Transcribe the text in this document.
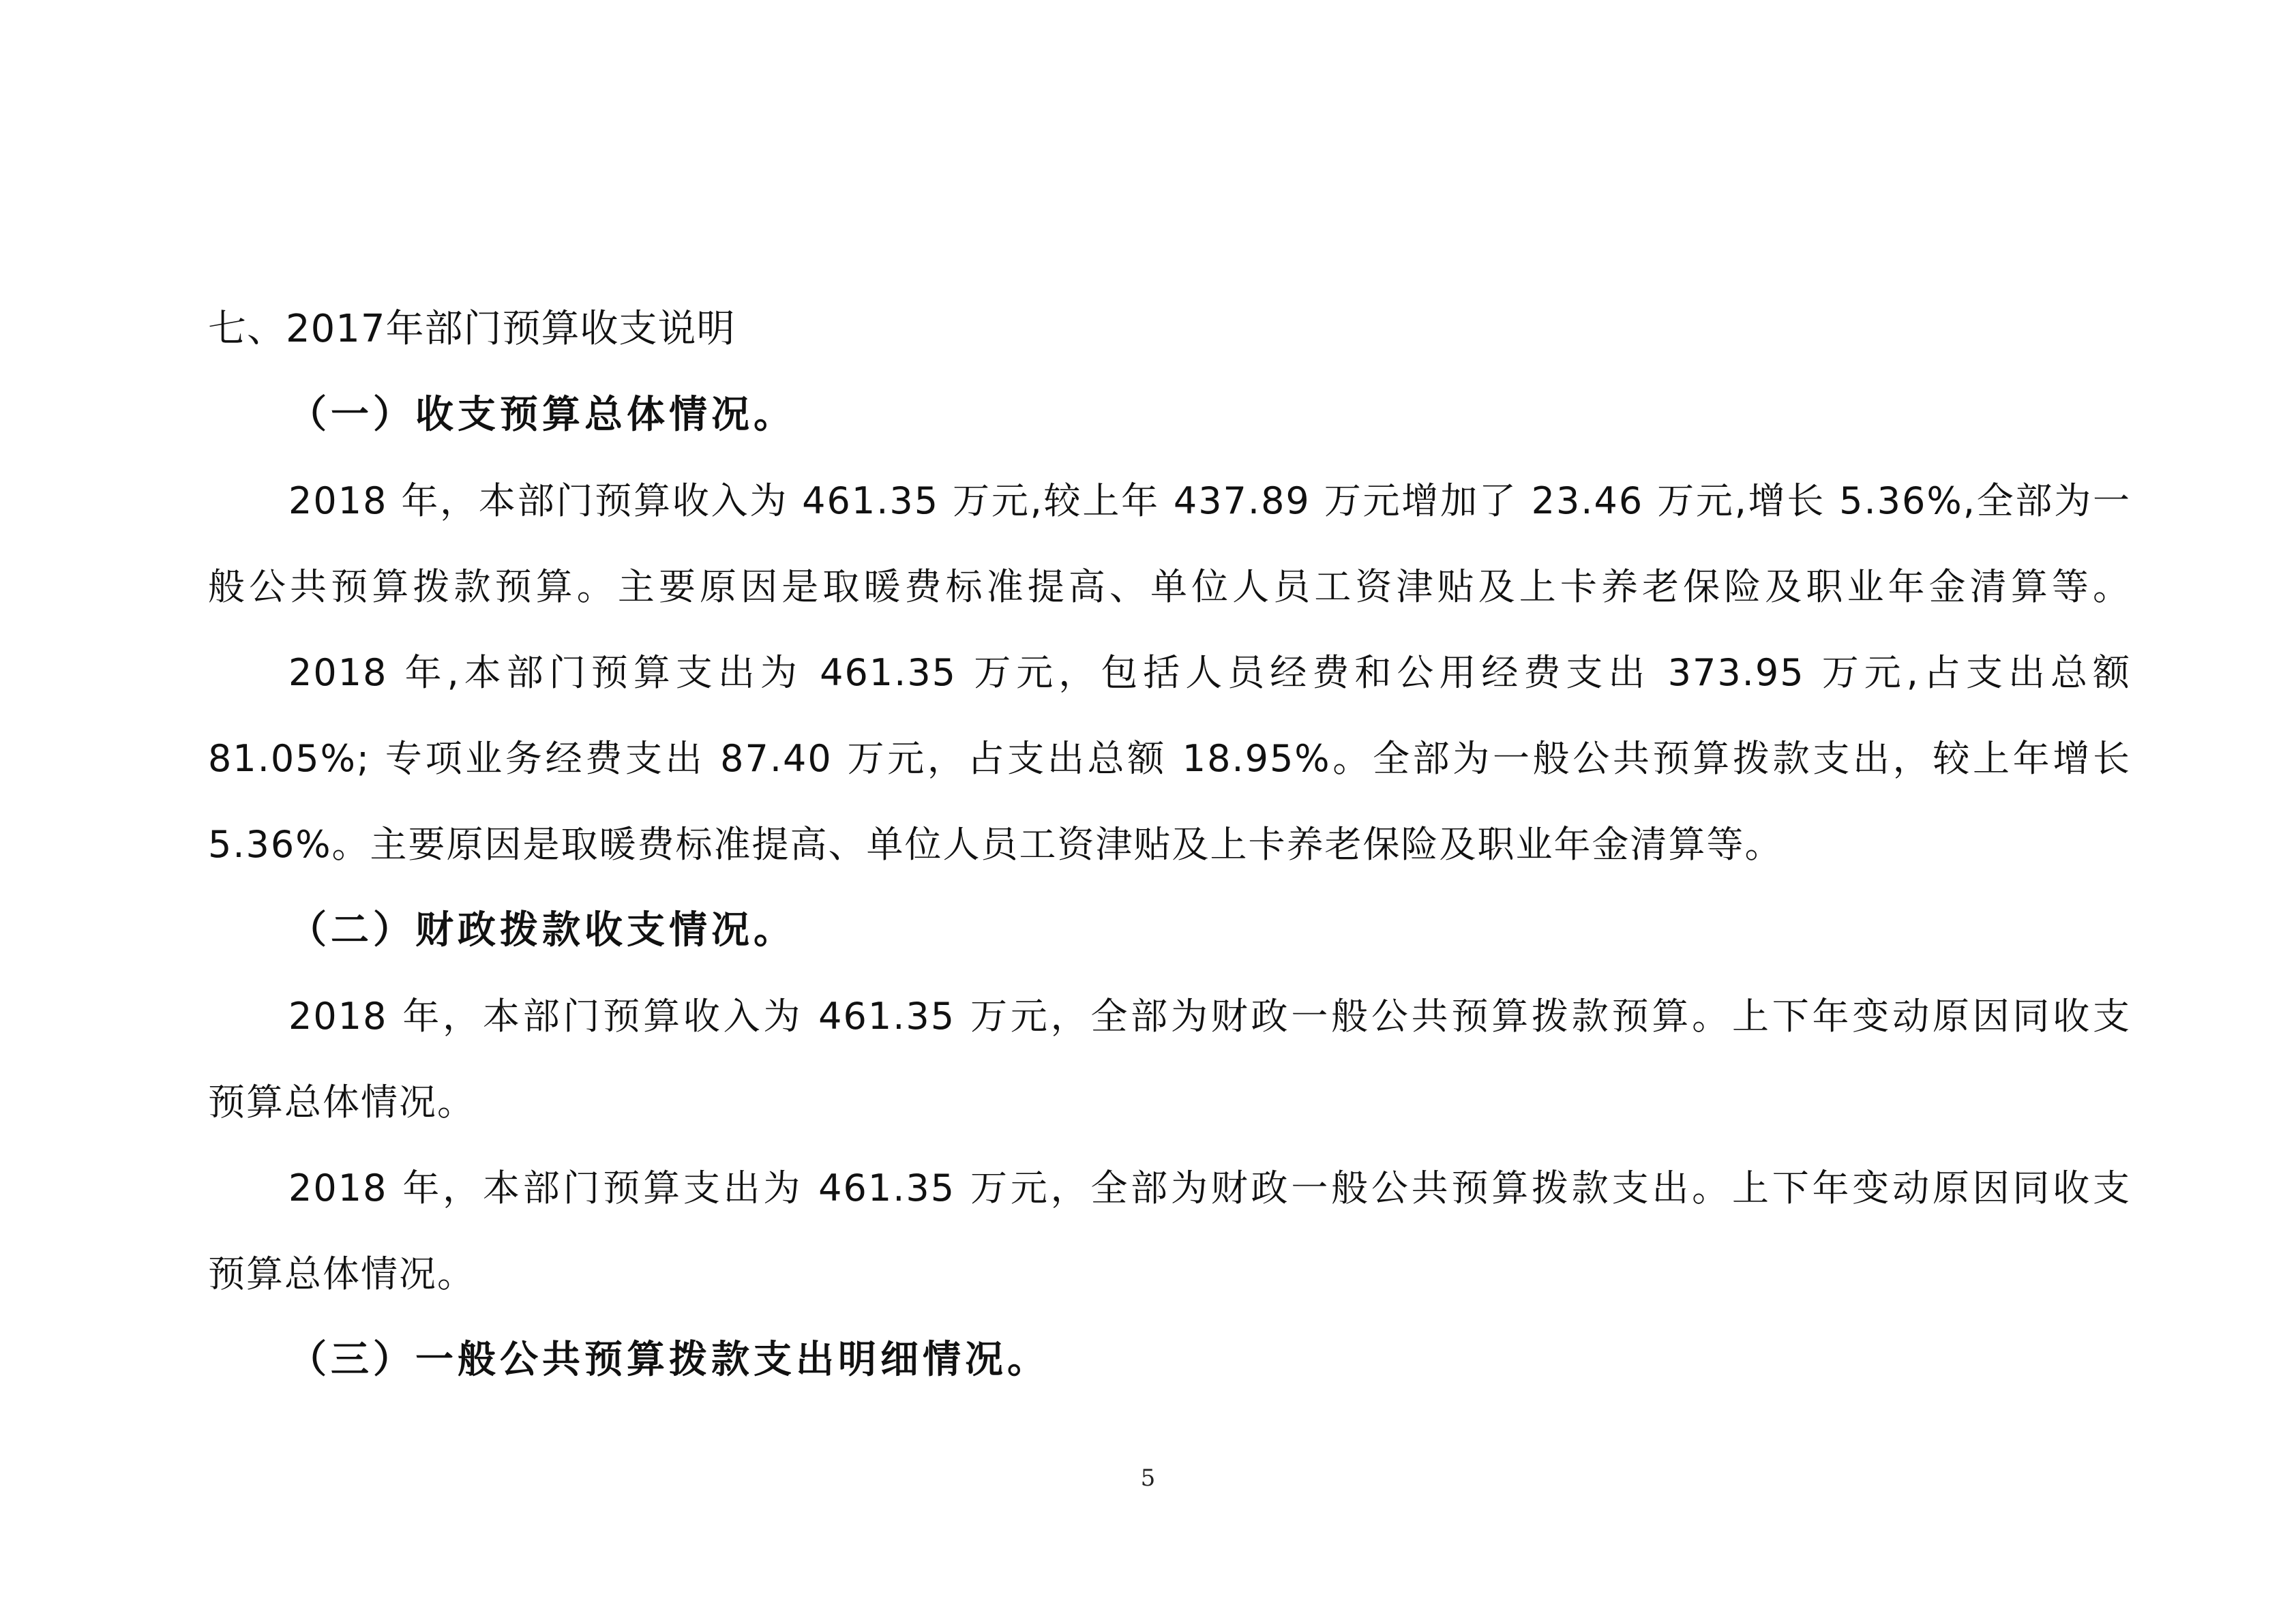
七、2017年部门预算收支说明
（一）收支预算总体情况。
2018 年，本部门预算收入为 461.35 万元,较上年 437.89 万元增加了 23.46 万元,增长 5.36%,全部为一
般公共预算拨款预算。主要原因是取暖费标准提高、单位人员工资津贴及上卡养老保险及职业年金清算等。
2018 年,本部门预算支出为 461.35 万元，包括人员经费和公用经费支出 373.95 万元,占支出总额
81.05%; 专项业务经费支出 87.40 万元，占支出总额 18.95%。全部为一般公共预算拨款支出，较上年增长
5.36%。主要原因是取暖费标准提高、单位人员工资津贴及上卡养老保险及职业年金清算等。
（二）财政拨款收支情况。
2018 年，本部门预算收入为 461.35 万元，全部为财政一般公共预算拨款预算。上下年变动原因同收支
预算总体情况。
2018 年，本部门预算支出为 461.35 万元，全部为财政一般公共预算拨款支出。上下年变动原因同收支
预算总体情况。
（三）一般公共预算拨款支出明细情况。
5
